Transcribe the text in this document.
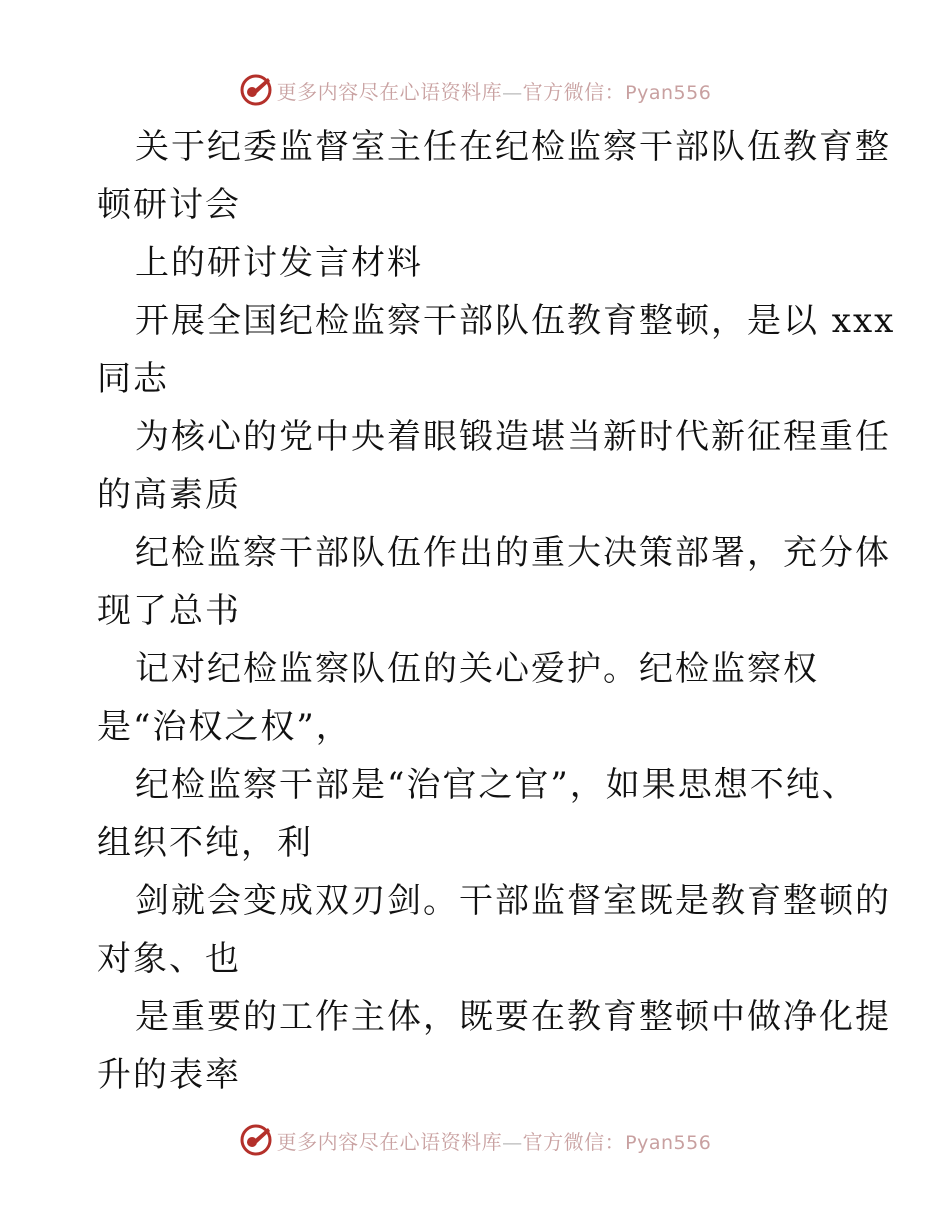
更多内容尽在心语资料库—官方微信：Pyan556
关于纪委监督室主任在纪检监察干部队伍教育整
顿研讨会
上的研讨发言材料
开展全国纪检监察干部队伍教育整顿，是以 xxx
同志
为核心的党中央着眼锻造堪当新时代新征程重任
的高素质
纪检监察干部队伍作出的重大决策部署，充分体
现了总书
记对纪检监察队伍的关心爱护。纪检监察权
是“治权之权”，
纪检监察干部是“治官之官”，如果思想不纯、
组织不纯，利
剑就会变成双刃剑。干部监督室既是教育整顿的
对象、也
是重要的工作主体，既要在教育整顿中做净化提
升的表率
更多内容尽在心语资料库—官方微信：Pyan556
